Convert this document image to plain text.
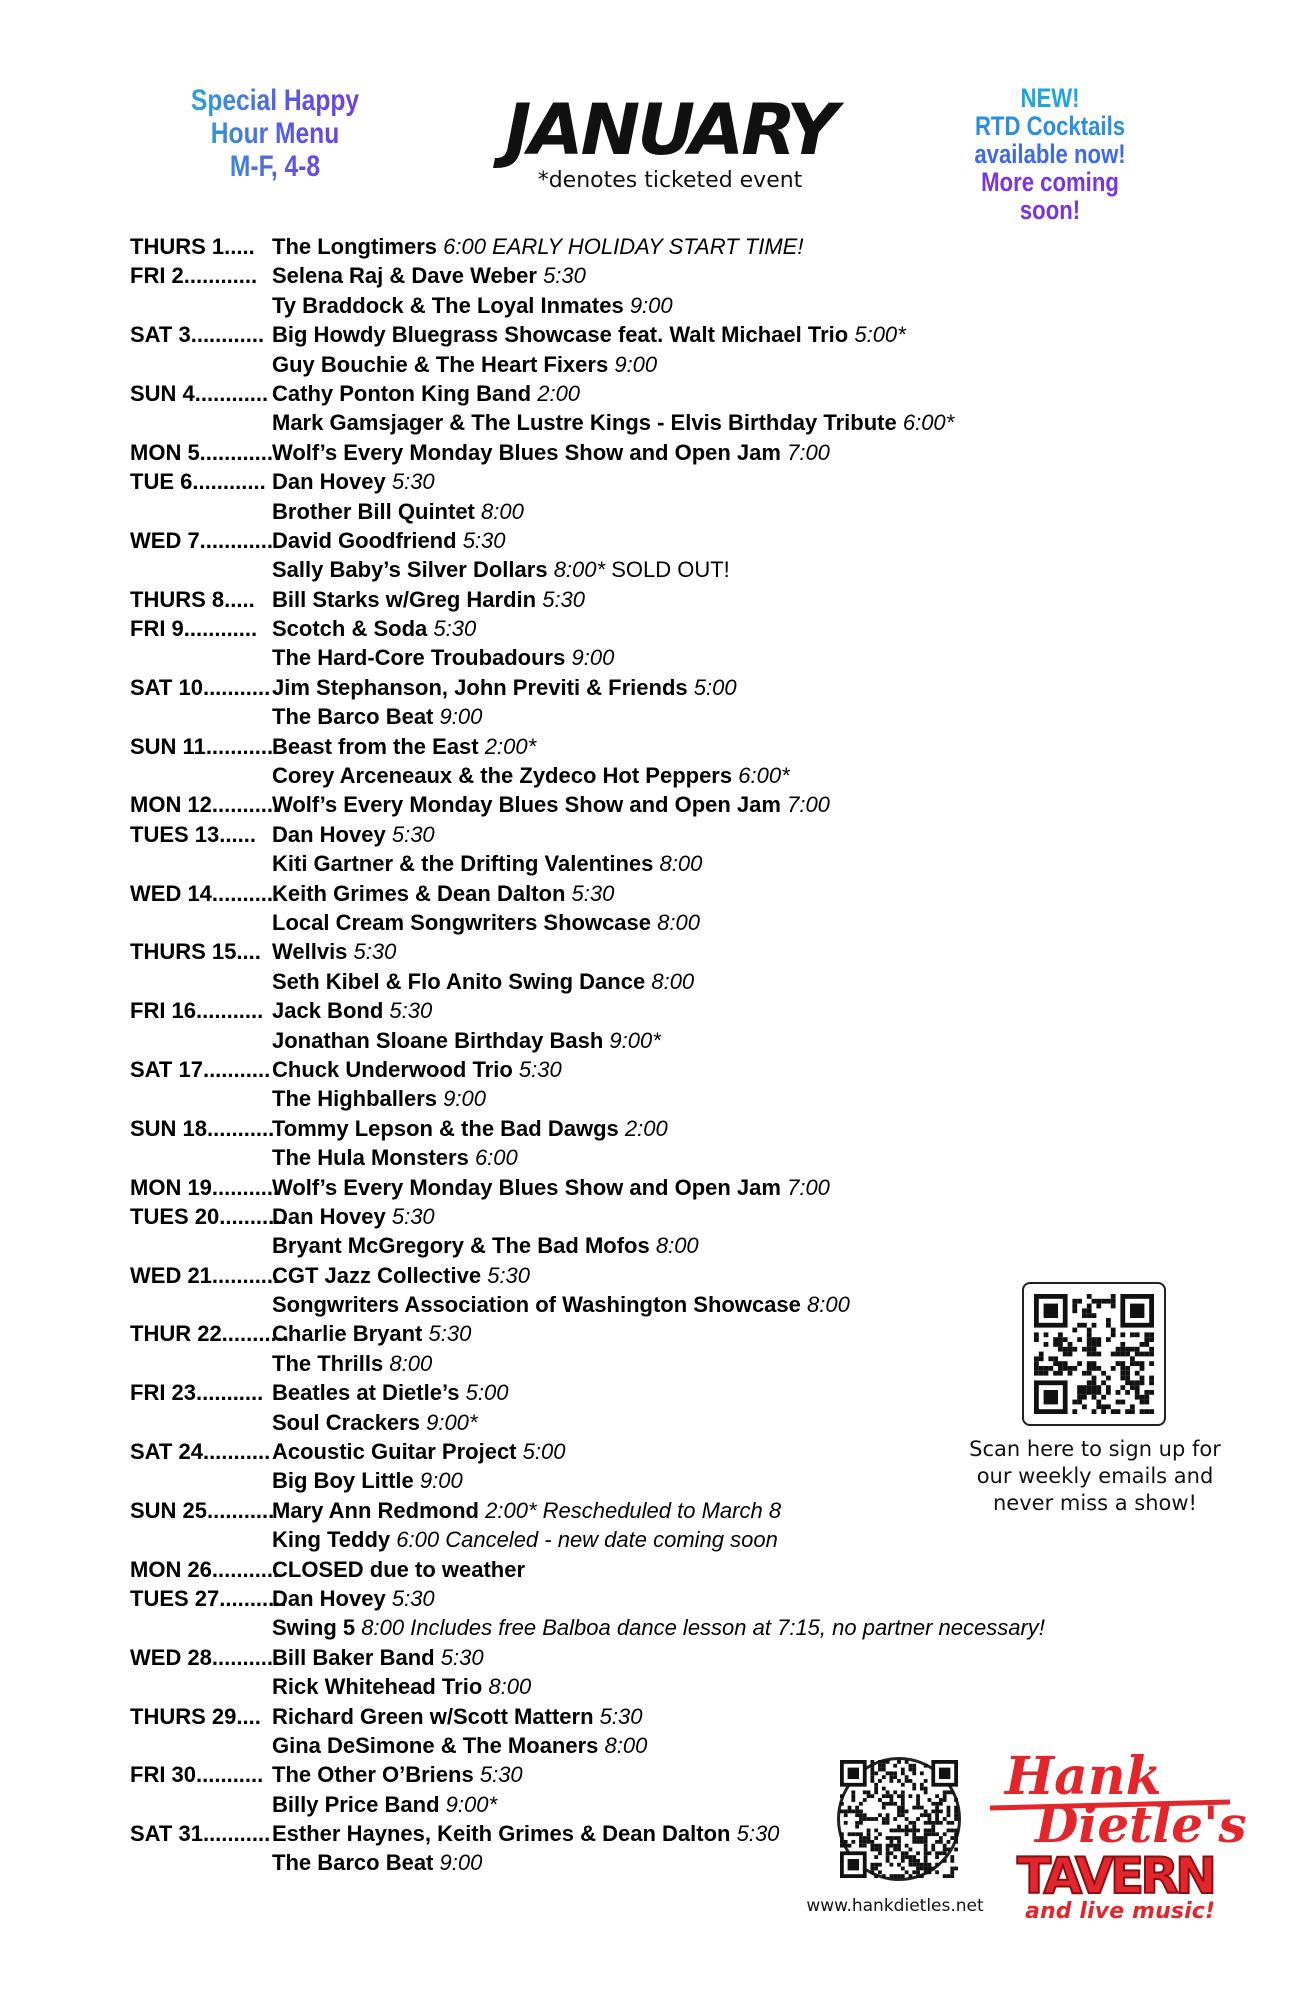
Special Happy
Hour Menu
M-F, 4-8	JANUARY
*denotes ticketed event
NEW!
RTD Cocktails
available now!
More coming soon!
THURS 1..... The Longtimers 6:00 EARLY HOLIDAY START TIME!
FRI 2............ Selena Raj & Dave Weber 5:30
Ty Braddock & The Loyal Inmates 9:00
SAT 3............ Big Howdy Bluegrass Showcase feat. Walt Michael Trio 5:00*
Guy Bouchie & The Heart Fixers 9:00
SUN 4............ Cathy Ponton King Band 2:00
Mark Gamsjager & The Lustre Kings - Elvis Birthday Tribute 6:00*
MON 5............
Wolf’s Every Monday Blues Show and Open Jam 7:00
TUE 6............ Dan Hovey 5:30
Brother Bill Quintet 8:00
WED 7............
David Goodfriend 5:30
Sally Baby’s Silver Dollars 8:00* SOLD OUT!
THURS 8..... Bill Starks w/Greg Hardin 5:30
FRI 9............ Scotch & Soda 5:30
The Hard-Core Troubadours 9:00
SAT 10........... Jim Stephanson, John Previti & Friends 5:00
The Barco Beat 9:00
SUN 11...........
Beast from the East 2:00*
Corey Arceneaux & the Zydeco Hot Peppers 6:00*
MON 12...........
Wolf’s Every Monday Blues Show and Open Jam 7:00
TUES 13...... Dan Hovey 5:30
Kiti Gartner & the Drifting Valentines 8:00
WED 14...........
Keith Grimes & Dean Dalton 5:30
Local Cream Songwriters Showcase 8:00
THURS 15.... Wellvis 5:30
Seth Kibel & Flo Anito Swing Dance 8:00
FRI 16........... Jack Bond 5:30
Jonathan Sloane Birthday Bash 9:00*
SAT 17........... Chuck Underwood Trio 5:30
The Highballers 9:00
SUN 18...........
Tommy Lepson & the Bad Dawgs 2:00
The Hula Monsters 6:00
MON 19...........
Wolf’s Every Monday Blues Show and Open Jam 7:00
TUES 20...........
Dan Hovey 5:30
Bryant McGregory & The Bad Mofos 8:00
WED 21...........
CGT Jazz Collective 5:30
Songwriters Association of Washington Showcase 8:00
THUR 22...........
Charlie Bryant 5:30
The Thrills 8:00
FRI 23........... Beatles at Dietle’s 5:00
Soul Crackers 9:00*
SAT 24........... Acoustic Guitar Project 5:00
Big Boy Little 9:00
SUN 25...........
Mary Ann Redmond 2:00* Rescheduled to March 8
King Teddy 6:00 Canceled - new date coming soon
MON 26...........
CLOSED due to weather
TUES 27...........
Dan Hovey 5:30
Swing 5 8:00 Includes free Balboa dance lesson at 7:15, no partner necessary!
WED 28...........
Bill Baker Band 5:30
Rick Whitehead Trio 8:00
THURS 29.... Richard Green w/Scott Mattern 5:30
Gina DeSimone & The Moaners 8:00
FRI 30........... The Other O’Briens 5:30
Billy Price Band 9:00*
SAT 31........... Esther Haynes, Keith Grimes & Dean Dalton 5:30
The Barco Beat 9:00
Scan here to sign up for
our weekly emails and
never miss a show!
www.hankdietles.net
Hank
Dietle's
TAVERN
and live music!
